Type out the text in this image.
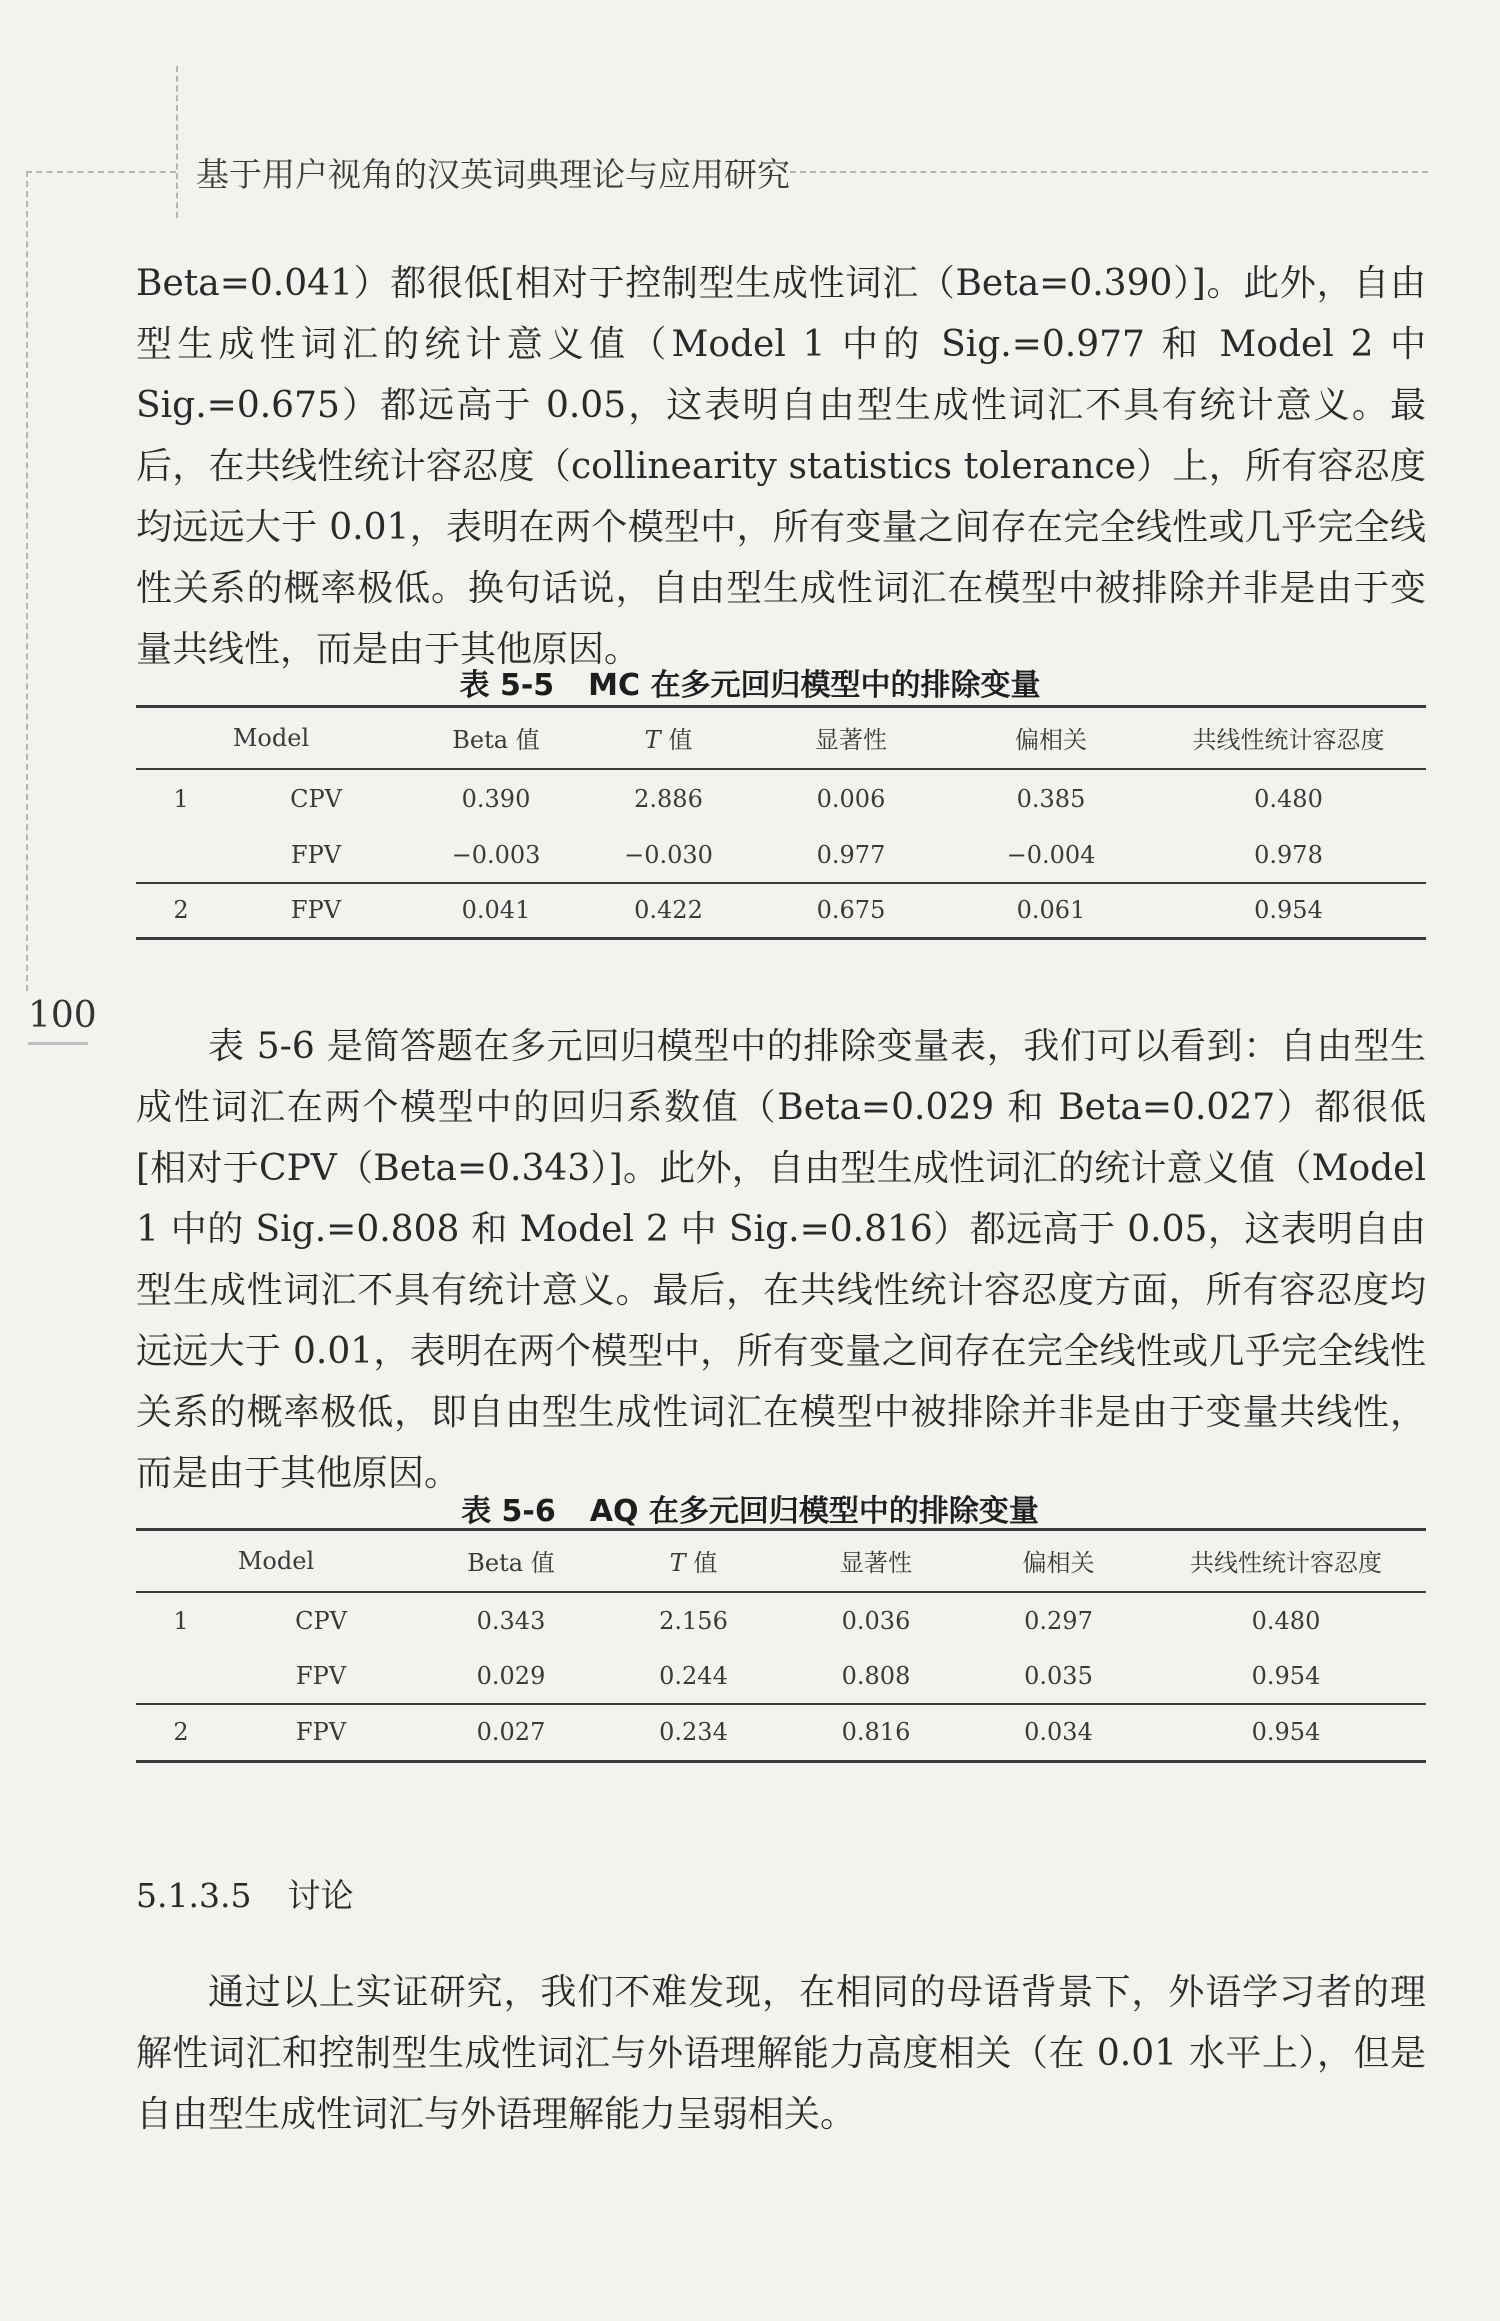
基于用户视角的汉英词典理论与应用研究
100

Beta=0.041）都很低[相对于控制型生成性词汇（Beta=0.390）]。此外，自由型生成性词汇的统计意义值（Model 1 中的 Sig.=0.977 和 Model 2 中 Sig.=0.675）都远高于 0.05，这表明自由型生成性词汇不具有统计意义。最后，在共线性统计容忍度（collinearity statistics tolerance）上，所有容忍度均远远大于 0.01，表明在两个模型中，所有变量之间存在完全线性或几乎完全线性关系的概率极低。换句话说，自由型生成性词汇在模型中被排除并非是由于变量共线性，而是由于其他原因。

表 5-5 MC 在多元回归模型中的排除变量
Model		Beta 值	T 值	显著性	偏相关	共线性统计容忍度
1	CPV	0.390	2.886	0.006	0.385	0.480
	FPV	−0.003	−0.030	0.977	−0.004	0.978
2	FPV	0.041	0.422	0.675	0.061	0.954

表 5-6 是简答题在多元回归模型中的排除变量表，我们可以看到：自由型生成性词汇在两个模型中的回归系数值（Beta=0.029 和 Beta=0.027）都很低[相对于CPV（Beta=0.343）]。此外，自由型生成性词汇的统计意义值（Model 1 中的 Sig.=0.808 和 Model 2 中 Sig.=0.816）都远高于 0.05，这表明自由型生成性词汇不具有统计意义。最后，在共线性统计容忍度方面，所有容忍度均远远大于 0.01，表明在两个模型中，所有变量之间存在完全线性或几乎完全线性关系的概率极低，即自由型生成性词汇在模型中被排除并非是由于变量共线性，而是由于其他原因。

表 5-6 AQ 在多元回归模型中的排除变量
Model		Beta 值	T 值	显著性	偏相关	共线性统计容忍度
1	CPV	0.343	2.156	0.036	0.297	0.480
	FPV	0.029	0.244	0.808	0.035	0.954
2	FPV	0.027	0.234	0.816	0.034	0.954
5.1.3.5 讨论

通过以上实证研究，我们不难发现，在相同的母语背景下，外语学习者的理解性词汇和控制型生成性词汇与外语理解能力高度相关（在 0.01 水平上），但是自由型生成性词汇与外语理解能力呈弱相关。
